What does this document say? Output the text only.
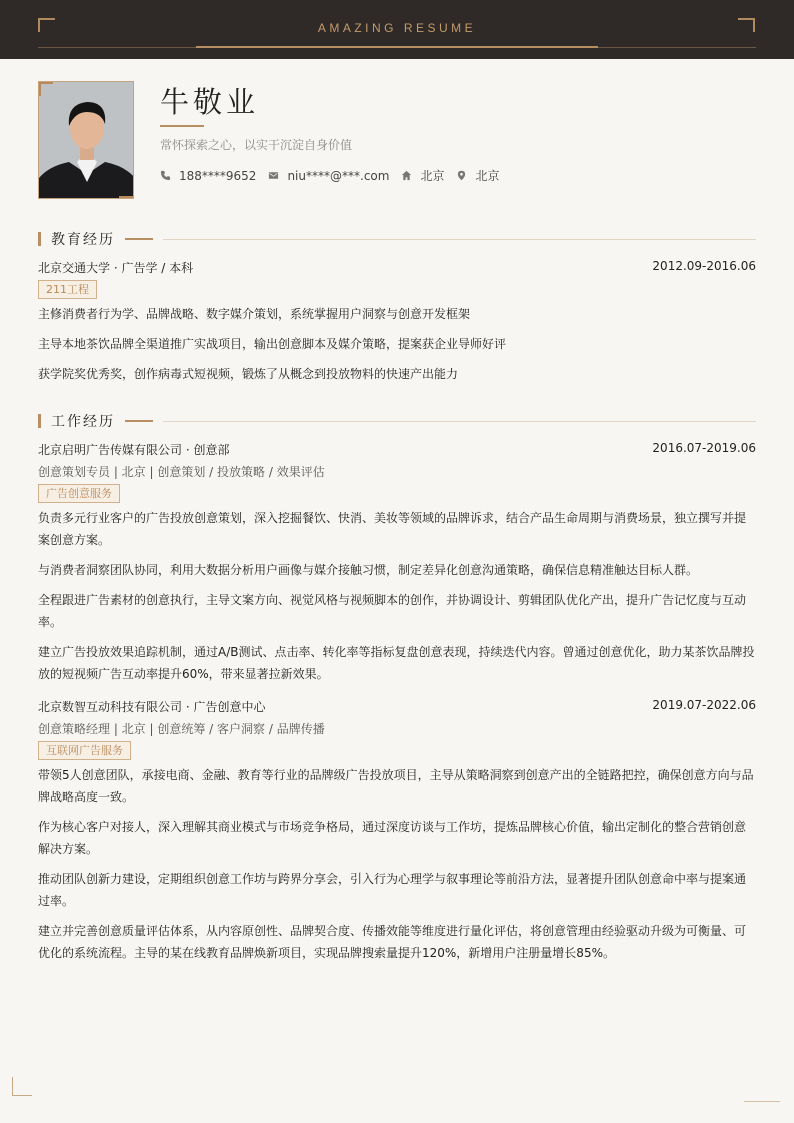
AMAZING RESUME
牛敬业
常怀探索之心，以实干沉淀自身价值
188****9652	niu****@***.com	北京	北京
教育经历
北京交通大学 · 广告学 / 本科	2012.09-2016.06
211工程
主修消费者行为学、品牌战略、数字媒介策划，系统掌握用户洞察与创意开发框架
主导本地茶饮品牌全渠道推广实战项目，输出创意脚本及媒介策略，提案获企业导师好评
获学院奖优秀奖，创作病毒式短视频，锻炼了从概念到投放物料的快速产出能力
工作经历
北京启明广告传媒有限公司 · 创意部	2016.07-2019.06
创意策划专员 | 北京 | 创意策划 / 投放策略 / 效果评估
广告创意服务
负责多元行业客户的广告投放创意策划，深入挖掘餐饮、快消、美妆等领域的品牌诉求，结合产品生命周期与消费场景，独立撰写并提案创意方案。
与消费者洞察团队协同，利用大数据分析用户画像与媒介接触习惯，制定差异化创意沟通策略，确保信息精准触达目标人群。
全程跟进广告素材的创意执行，主导文案方向、视觉风格与视频脚本的创作，并协调设计、剪辑团队优化产出，提升广告记忆度与互动率。
建立广告投放效果追踪机制，通过A/B测试、点击率、转化率等指标复盘创意表现，持续迭代内容。曾通过创意优化，助力某茶饮品牌投放的短视频广告互动率提升60%，带来显著拉新效果。
北京数智互动科技有限公司 · 广告创意中心	2019.07-2022.06
创意策略经理 | 北京 | 创意统筹 / 客户洞察 / 品牌传播
互联网广告服务
带领5人创意团队，承接电商、金融、教育等行业的品牌级广告投放项目，主导从策略洞察到创意产出的全链路把控，确保创意方向与品牌战略高度一致。
作为核心客户对接人，深入理解其商业模式与市场竞争格局，通过深度访谈与工作坊，提炼品牌核心价值，输出定制化的整合营销创意解决方案。
推动团队创新力建设，定期组织创意工作坊与跨界分享会，引入行为心理学与叙事理论等前沿方法，显著提升团队创意命中率与提案通过率。
建立并完善创意质量评估体系，从内容原创性、品牌契合度、传播效能等维度进行量化评估，将创意管理由经验驱动升级为可衡量、可优化的系统流程。主导的某在线教育品牌焕新项目，实现品牌搜索量提升120%，新增用户注册量增长85%。
